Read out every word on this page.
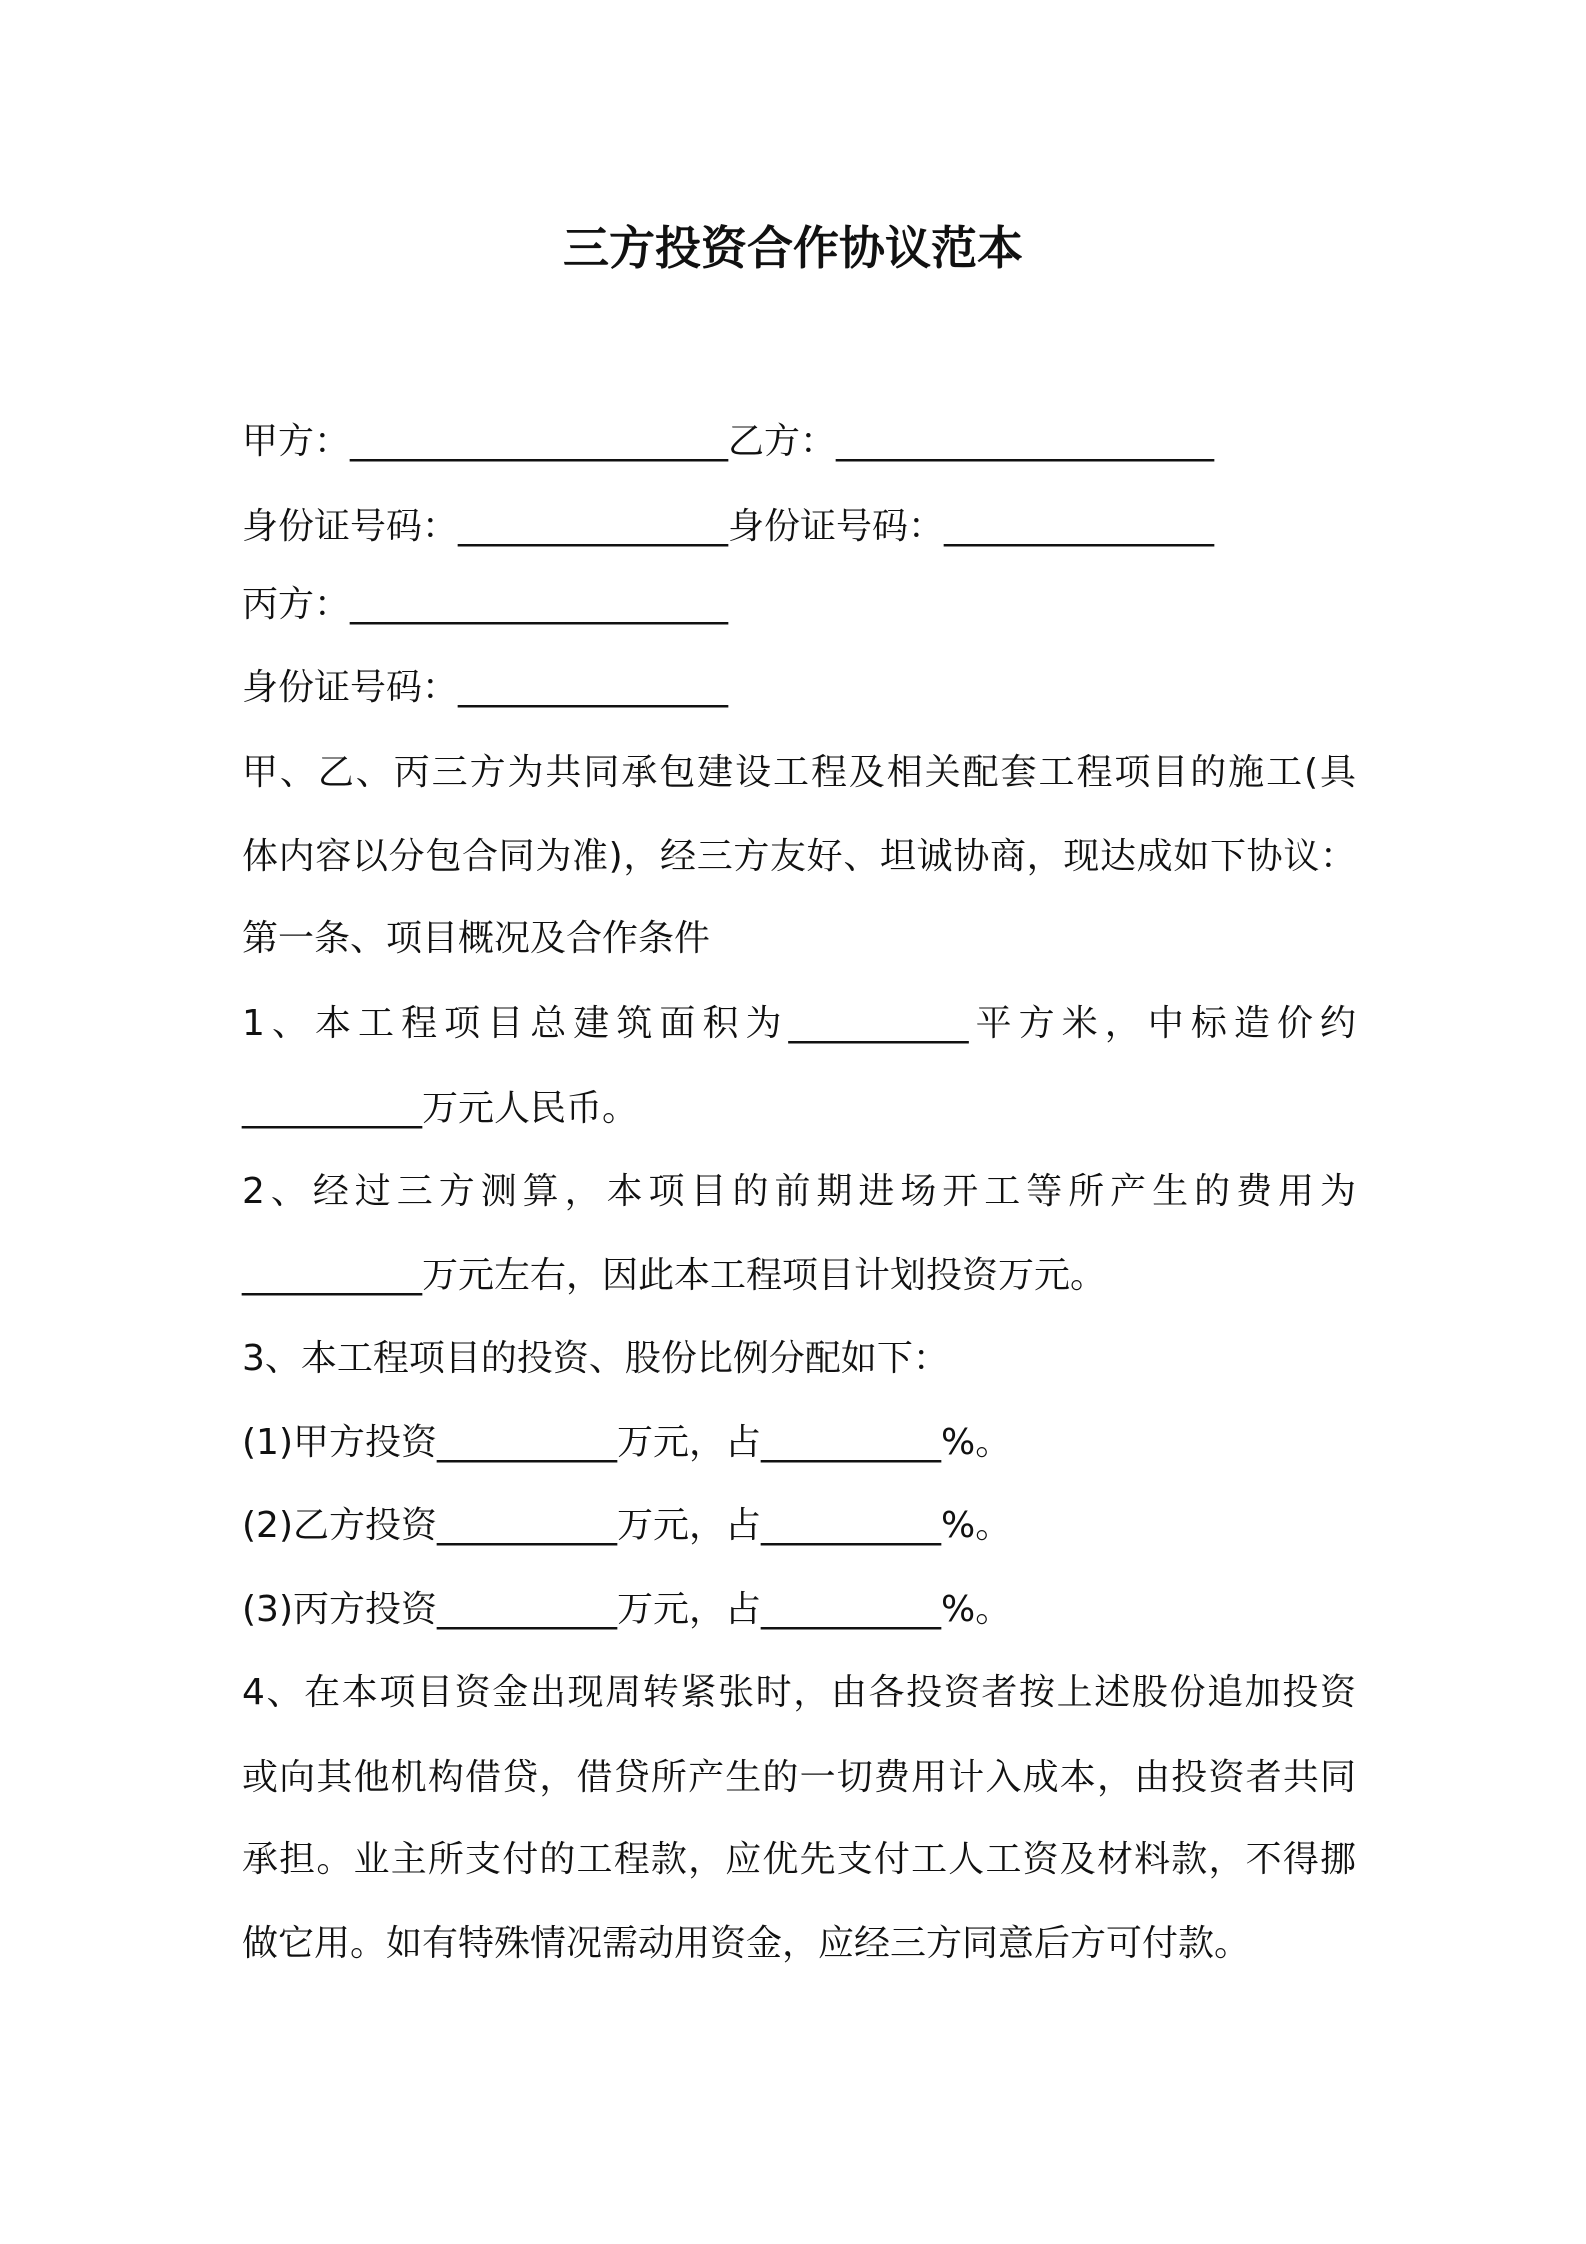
三方投资合作协议范本
甲方：_____________________乙方：_____________________
身份证号码：_______________身份证号码：_______________
丙方：_____________________
身份证号码：_______________
甲、乙、丙三方为共同承包建设工程及相关配套工程项目的施工(具
体内容以分包合同为准)，经三方友好、坦诚协商，现达成如下协议：
第一条、项目概况及合作条件
1、本工程项目总建筑面积为__________平方米，中标造价约
__________万元人民币。
2、经过三方测算，本项目的前期进场开工等所产生的费用为
__________万元左右，因此本工程项目计划投资万元。
3、本工程项目的投资、股份比例分配如下：
(1)甲方投资__________万元，占__________%。
(2)乙方投资__________万元，占__________%。
(3)丙方投资__________万元，占__________%。
4、在本项目资金出现周转紧张时，由各投资者按上述股份追加投资
或向其他机构借贷，借贷所产生的一切费用计入成本，由投资者共同
承担。业主所支付的工程款，应优先支付工人工资及材料款，不得挪
做它用。如有特殊情况需动用资金，应经三方同意后方可付款。
